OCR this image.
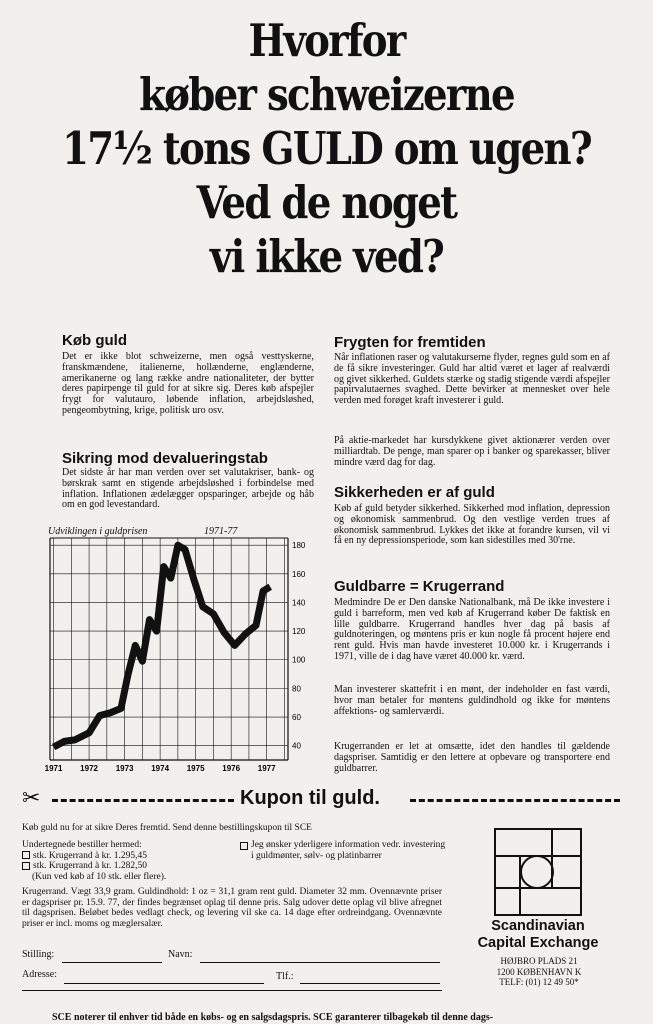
Hvorfor
køber schweizerne
17½ tons GULD om ugen?
Ved de noget
vi ikke ved?
Køb guld
Det er ikke blot schweizerne, men også vesttyskerne, franskmændene, italienerne, hollænderne, englænderne, amerikanerne og lang række andre nationaliteter, der bytter deres papirpenge til guld for at sikre sig. Deres køb afspejler frygt for valutauro, løbende inflation, arbejdsløshed, pengeombytning, krige, politisk uro osv.
Sikring mod devalueringstab
Det sidste år har man verden over set valutakriser, bank- og børskrak samt en stigende arbejdsløshed i forbindelse med inflation. Inflationen ædelægger opsparinger, arbejde og håb om en god levestandard.
Udviklingen i guldprisen	1971-77
1971 1972 1973 1974 1975 1976 1977
40
60
80
100
120
140
160
180
Frygten for fremtiden
Når inflationen raser og valutakurserne flyder, regnes guld som en af de få sikre investeringer. Guld har altid været et lager af realværdi og givet sikkerhed. Guldets stærke og stadig stigende værdi afspejler papirvalutaernes svaghed. Dette bevirker at mennesket over hele verden med forøget kraft investerer i guld.
På aktie-markedet har kursdykkene givet aktionærer verden over milliardtab. De penge, man sparer op i banker og sparekasser, bliver mindre værd dag for dag.
Sikkerheden er af guld
Køb af guld betyder sikkerhed. Sikkerhed mod inflation, depression og økonomisk sammenbrud. Og den vestlige verden trues af økonomisk sammenbrud. Lykkes det ikke at forandre kursen, vil vi få en ny depressionsperiode, som kan sidestilles med 30'rne.
Guldbarre = Krugerrand
Medmindre De er Den danske Nationalbank, må De ikke investere i guld i barreform, men ved køb af Krugerrand køber De faktisk en lille guldbarre. Krugerrand handles hver dag på basis af guldnoteringen, og møntens pris er kun nogle få procent højere end rent guld. Hvis man havde investeret 10.000 kr. i Krugerrands i 1971, ville de i dag have været 40.000 kr. værd.
Man investerer skattefrit i en mønt, der indeholder en fast værdi, hvor man betaler for møntens guldindhold og ikke for møntens affektions- og samlerværdi.
Krugerranden er let at omsætte, idet den handles til gældende dagspriser. Samtidig er den lettere at opbevare og transportere end guldbarrer.
✂	Kupon til guld.
Køb guld nu for at sikre Deres fremtid. Send denne bestillingskupon til SCE
Undertegnede bestiller hermed:
stk. Krugerrand à kr. 1.295,45
stk. Krugerrand à kr. 1.282,50
(Kun ved køb af 10 stk. eller flere).
Jeg ønsker yderligere information vedr. investering i guldmønter, sølv- og platinbarrer
Krugerrand. Vægt 33,9 gram. Guldindhold: 1 oz = 31,1 gram rent guld. Diameter 32 mm. Ovennævnte priser er dagspriser pr. 15.9. 77, der findes begrænset oplag til denne pris. Salg udover dette oplag vil blive afregnet til dagsprisen. Beløbet bedes vedlagt check, og levering vil ske ca. 14 dage efter ordreindgang. Ovennævnte priser er incl. moms og mæglersalær.
Stilling:	Navn:
Adresse:	Tlf.:
Scandinavian
Capital Exchange
HØJBRO PLADS 21
1200 KØBENHAVN K
TELF: (01) 12 49 50*
SCE noterer til enhver tid både en købs- og en salgsdagspris. SCE garanterer tilbagekøb til denne dags-
